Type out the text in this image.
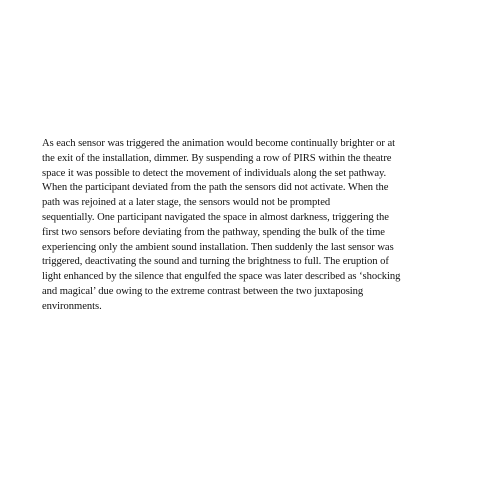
As each sensor was triggered the animation would become continually brighter or at
the exit of the installation, dimmer. By suspending a row of PIRS within the theatre
space it was possible to detect the movement of individuals along the set pathway.
When the participant deviated from the path the sensors did not activate. When the
path was rejoined at a later stage, the sensors would not be prompted
sequentially. One participant navigated the space in almost darkness, triggering the
first two sensors before deviating from the pathway, spending the bulk of the time
experiencing only the ambient sound installation. Then suddenly the last sensor was
triggered, deactivating the sound and turning the brightness to full. The eruption of
light enhanced by the silence that engulfed the space was later described as ‘shocking
and magical’ due owing to the extreme contrast between the two juxtaposing
environments.
